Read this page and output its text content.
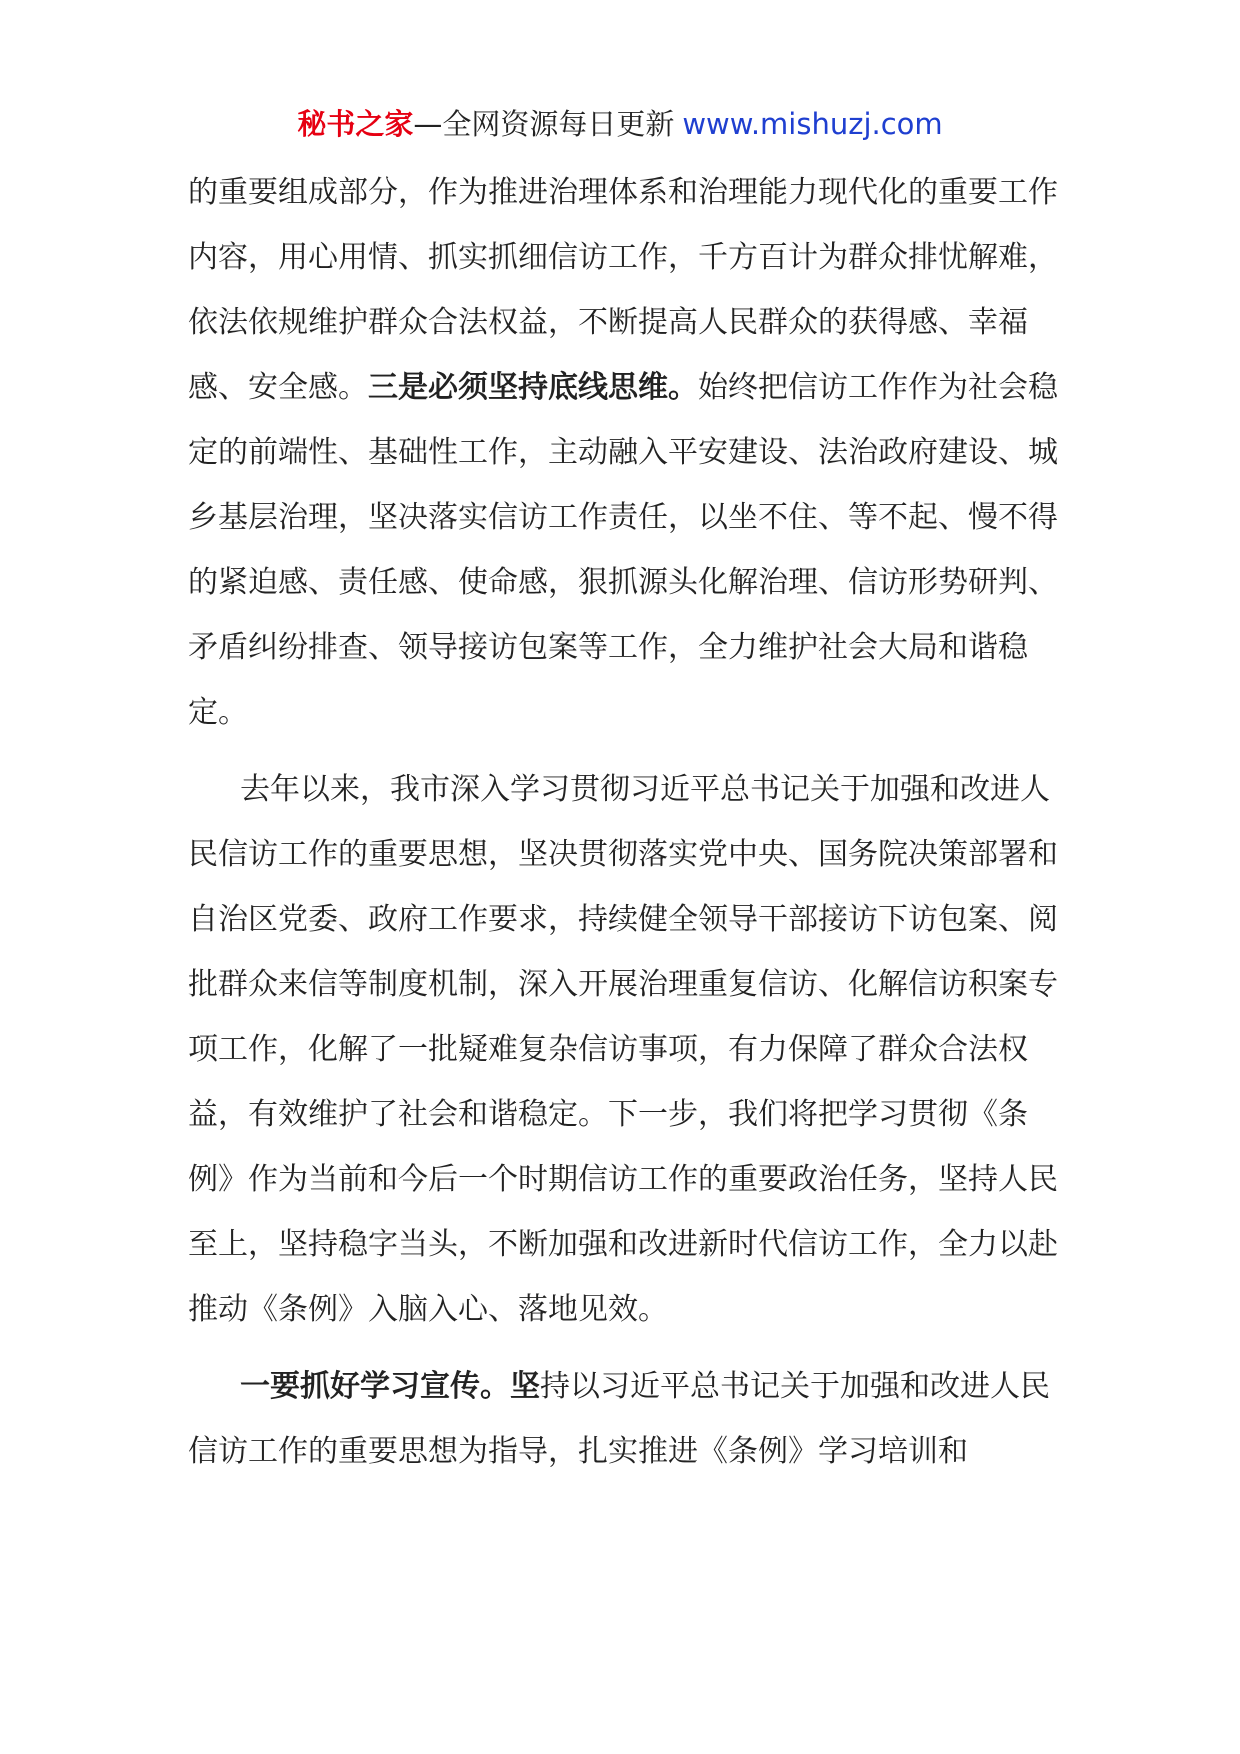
秘书之家—全网资源每日更新 www.mishuzj.com

的重要组成部分，作为推进治理体系和治理能力现代化的重要工作内容，用心用情、抓实抓细信访工作，千方百计为群众排忧解难，依法依规维护群众合法权益，不断提高人民群众的获得感、幸福感、安全感。三是必须坚持底线思维。始终把信访工作作为社会稳定的前端性、基础性工作，主动融入平安建设、法治政府建设、城乡基层治理，坚决落实信访工作责任，以坐不住、等不起、慢不得的紧迫感、责任感、使命感，狠抓源头化解治理、信访形势研判、矛盾纠纷排查、领导接访包案等工作，全力维护社会大局和谐稳定。

去年以来，我市深入学习贯彻习近平总书记关于加强和改进人民信访工作的重要思想，坚决贯彻落实党中央、国务院决策部署和自治区党委、政府工作要求，持续健全领导干部接访下访包案、阅批群众来信等制度机制，深入开展治理重复信访、化解信访积案专项工作，化解了一批疑难复杂信访事项，有力保障了群众合法权益，有效维护了社会和谐稳定。下一步，我们将把学习贯彻《条例》作为当前和今后一个时期信访工作的重要政治任务，坚持人民至上，坚持稳字当头，不断加强和改进新时代信访工作，全力以赴推动《条例》入脑入心、落地见效。

一要抓好学习宣传。坚持以习近平总书记关于加强和改进人民信访工作的重要思想为指导，扎实推进《条例》学习培训和
